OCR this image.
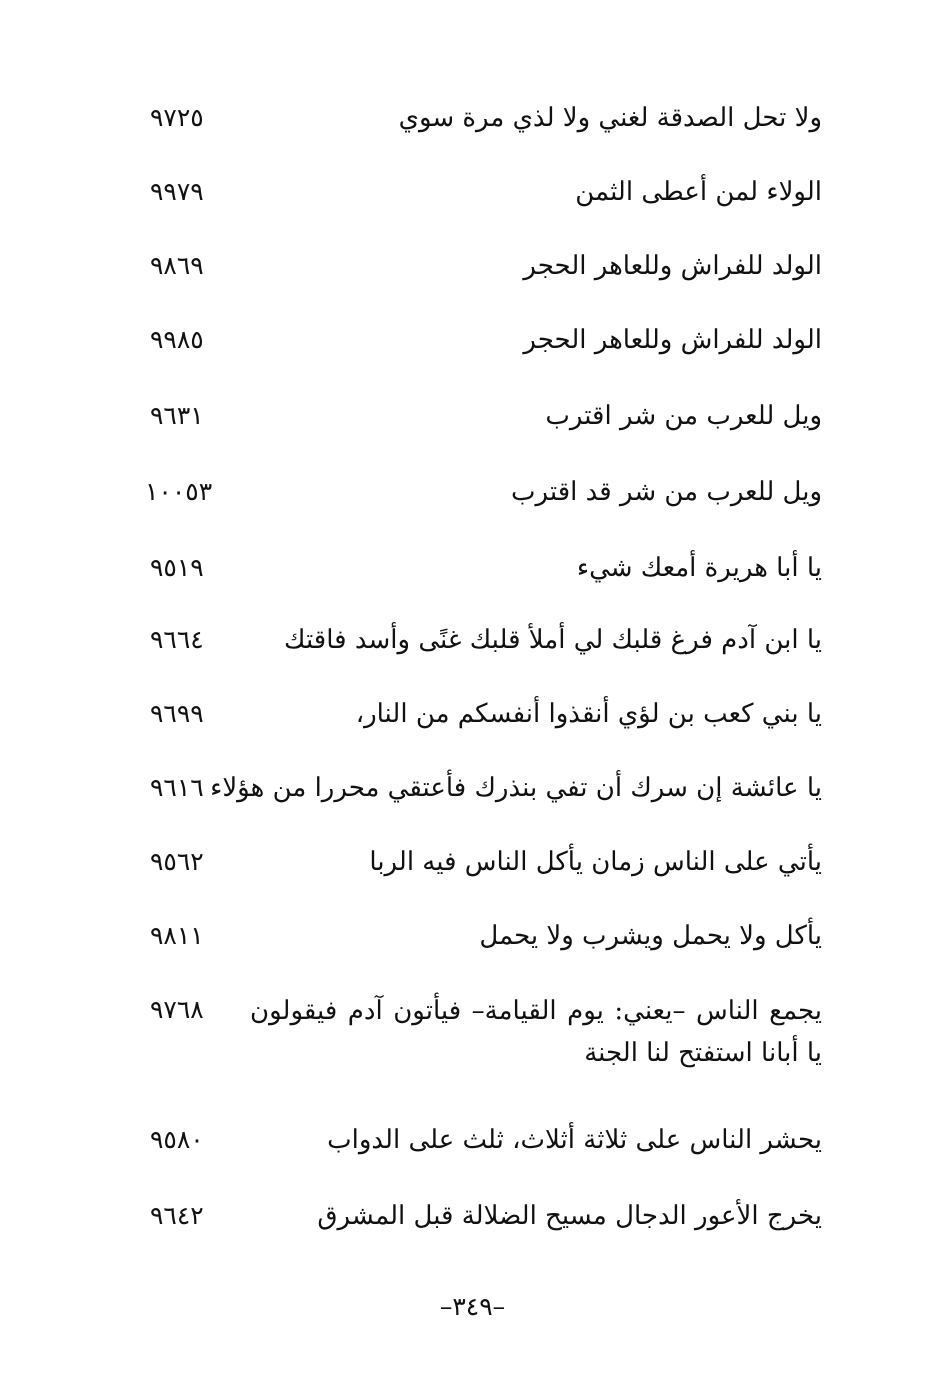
ولا تحل الصدقة لغني ولا لذي مرة سوي
٩٧٢٥
الولاء لمن أعطى الثمن
٩٩٧٩
الولد للفراش وللعاهر الحجر
٩٨٦٩
الولد للفراش وللعاهر الحجر
٩٩٨٥
ويل للعرب من شر اقترب
٩٦٣١
ويل للعرب من شر قد اقترب
١٠٠٥٣
يا أبا هريرة أمعك شيء
٩٥١٩
يا ابن آدم فرغ قلبك لي أملأ قلبك غنًى وأسد فاقتك
٩٦٦٤
يا بني كعب بن لؤي أنقذوا أنفسكم من النار،
٩٦٩٩
يا عائشة إن سرك أن تفي بنذرك فأعتقي محررا من هؤلاء
٩٦١٦
يأتي على الناس زمان يأكل الناس فيه الربا
٩٥٦٢
يأكل ولا يحمل ويشرب ولا يحمل
٩٨١١
يجمع الناس –يعني: يوم القيامة– فيأتون آدم فيقولون يا أبانا استفتح لنا الجنة
٩٧٦٨
يحشر الناس على ثلاثة أثلاث، ثلث على الدواب
٩٥٨٠
يخرج الأعور الدجال مسيح الضلالة قبل المشرق
٩٦٤٢
–٣٤٩–
